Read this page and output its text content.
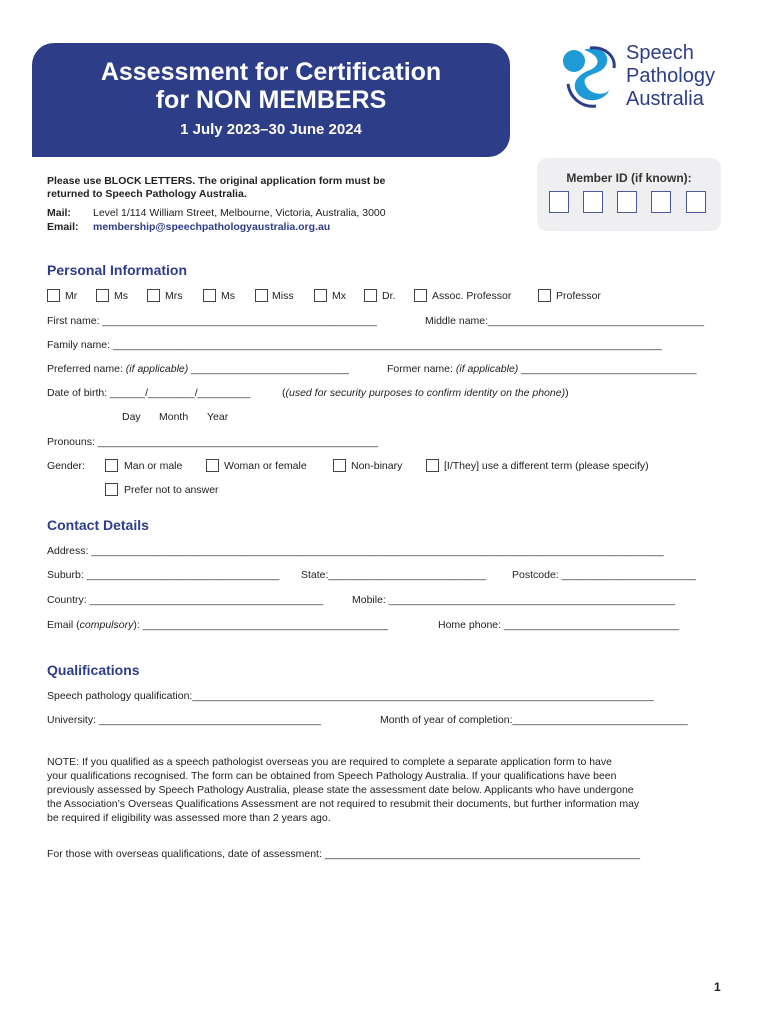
Assessment for Certification
for NON MEMBERS
1 July 2023–30 June 2024
Speech
Pathology
Australia
Member ID (if known):
Please use BLOCK LETTERS. The original application form must be
returned to Speech Pathology Australia.
Mail: Level 1/114 William Street, Melbourne, Victoria, Australia, 3000
Email: membership@speechpathologyaustralia.org.au
Personal Information
Mr	Ms	Mrs	Ms	Miss	Mx	Dr.	Assoc. Professor	Professor
First name: _______________________________________________	Middle name:_____________________________________
Family name: ______________________________________________________________________________________________
Preferred name: (if applicable) ___________________________	Former name: (if applicable) ______________________________
Date of birth: ______/________/_________	((used for security purposes to confirm identity on the phone))
Day Month Year
Pronouns: ________________________________________________
Gender:	Man or male	Woman or female	Non-binary	[I/They] use a different term (please specify)
Prefer not to answer
Contact Details
Address: __________________________________________________________________________________________________
Suburb: _________________________________ State:___________________________ Postcode: _______________________
Country: ________________________________________	Mobile: _________________________________________________
Email (compulsory): __________________________________________	Home phone: ______________________________
Qualifications
Speech pathology qualification:_______________________________________________________________________________
University: ______________________________________	Month of year of completion:______________________________
NOTE: If you qualified as a speech pathologist overseas you are required to complete a separate application form to have
your qualifications recognised. The form can be obtained from Speech Pathology Australia. If your qualifications have been
previously assessed by Speech Pathology Australia, please state the assessment date below. Applicants who have undergone
the Association’s Overseas Qualifications Assessment are not required to resubmit their documents, but further information may
be required if eligibility was assessed more than 2 years ago.
For those with overseas qualifications, date of assessment: ______________________________________________________
1
